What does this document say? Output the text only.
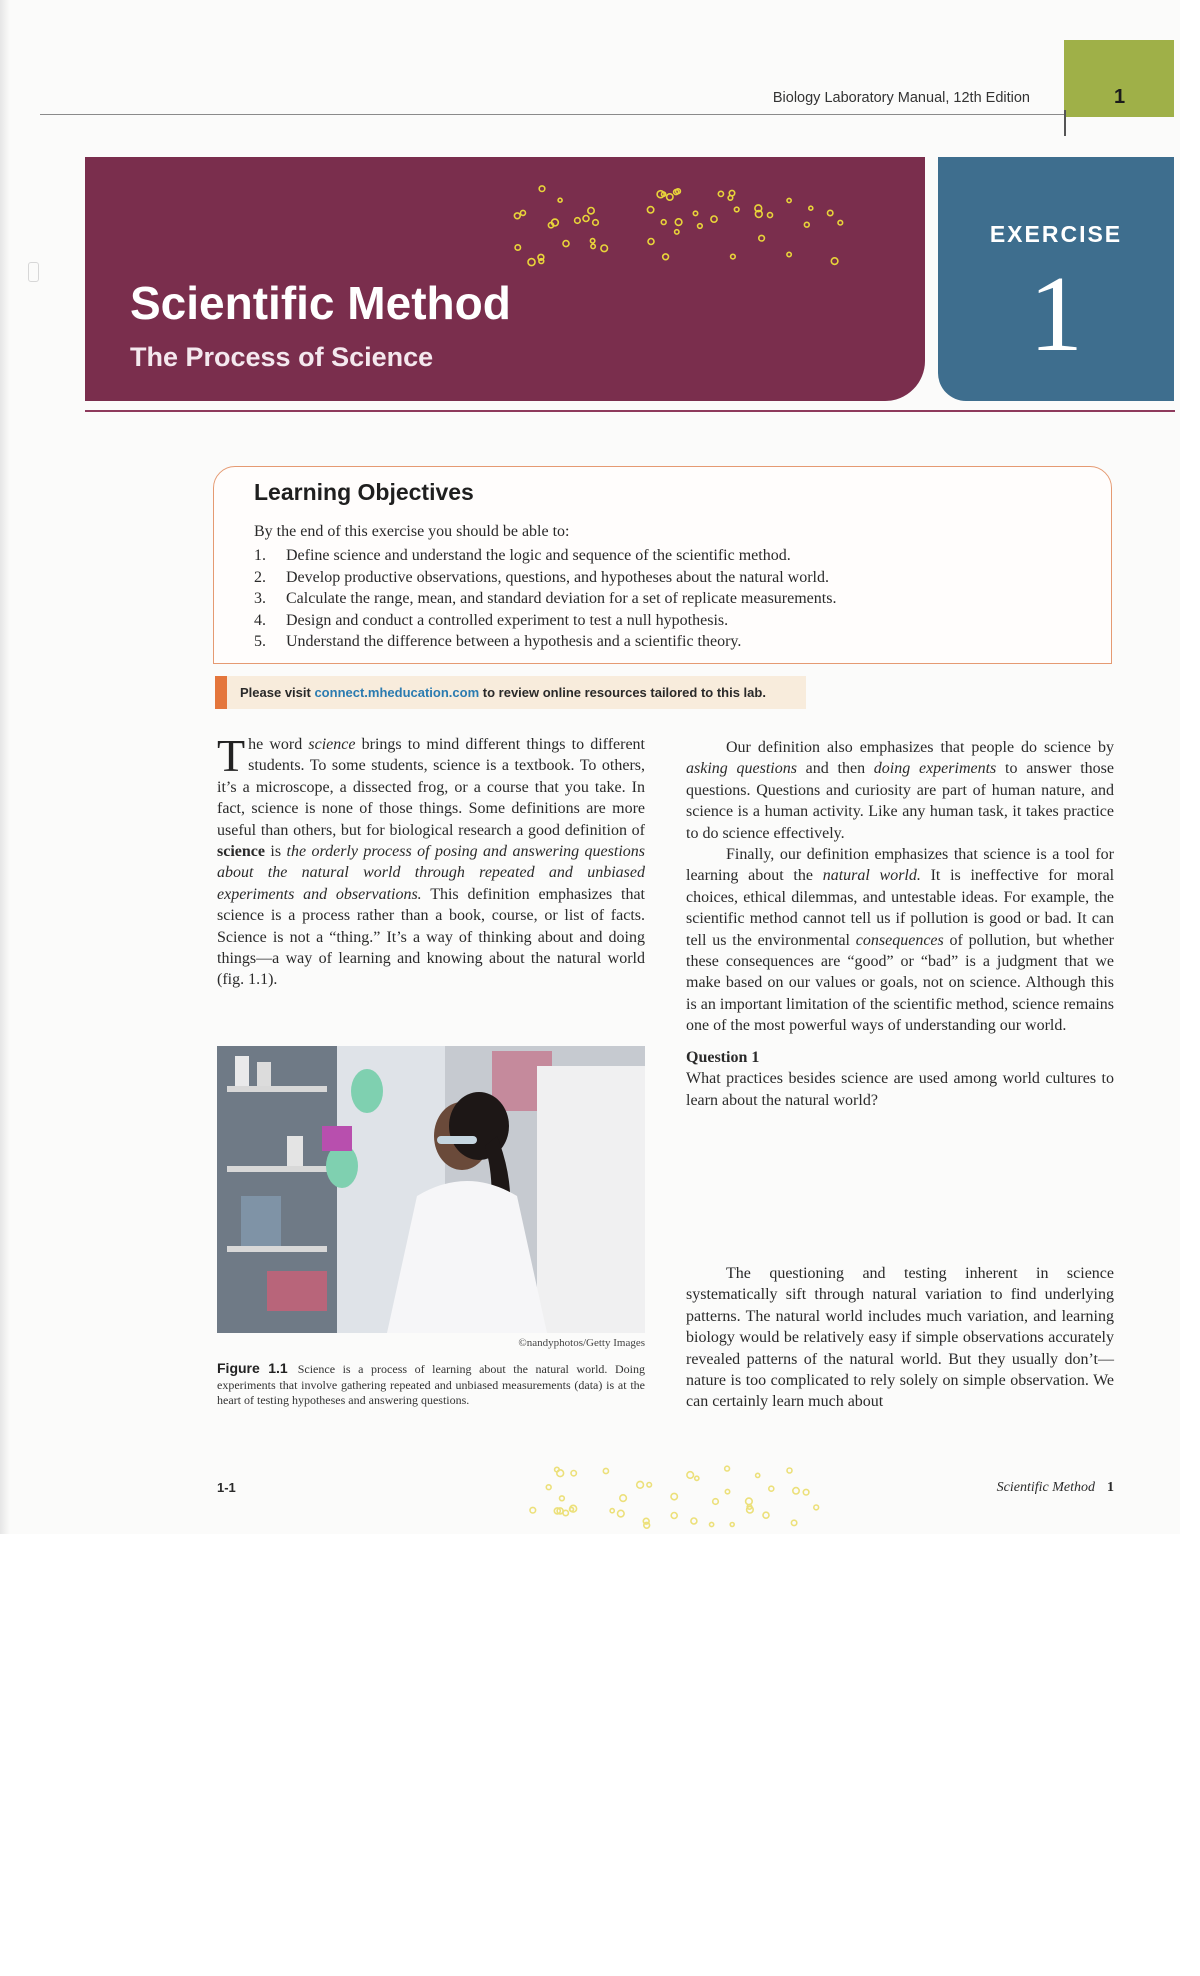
Biology Laboratory Manual, 12th Edition	1
Scientific Method
The Process of Science
EXERCISE
1
Learning Objectives
By the end of this exercise you should be able to:
1. Define science and understand the logic and sequence of the scientific method.
2. Develop productive observations, questions, and hypotheses about the natural world.
3. Calculate the range, mean, and standard deviation for a set of replicate measurements.
4. Design and conduct a controlled experiment to test a null hypothesis.
5. Understand the difference between a hypothesis and a scientific theory.
Please visit connect.mheducation.com to review online resources tailored to this lab.

The word science brings to mind different things to different students. To some students, science is a textbook. To others, it’s a microscope, a dissected frog, or a course that you take. In fact, science is none of those things. Some definitions are more useful than others, but for biological research a good definition of science is the orderly process of posing and answering questions about the natural world through repeated and unbiased experiments and observations. This definition emphasizes that science is a process rather than a book, course, or list of facts. Science is not a “thing.” It’s a way of thinking about and doing things—a way of learning and knowing about the natural world (fig. 1.1).

©nandyphotos/Getty Images
Figure 1.1 Science is a process of learning about the natural world. Doing experiments that involve gathering repeated and unbiased measurements (data) is at the heart of testing hypotheses and answering questions.

Our definition also emphasizes that people do science by asking questions and then doing experiments to answer those questions. Questions and curiosity are part of human nature, and science is a human activity. Like any human task, it takes practice to do science effectively.

Finally, our definition emphasizes that science is a tool for learning about the natural world. It is ineffective for moral choices, ethical dilemmas, and untestable ideas. For example, the scientific method cannot tell us if pollution is good or bad. It can tell us the environmental consequences of pollution, but whether these consequences are “good” or “bad” is a judgment that we make based on our values or goals, not on science. Although this is an important limitation of the scientific method, science remains one of the most powerful ways of understanding our world.

Question 1

What practices besides science are used among world cultures to learn about the natural world?

The questioning and testing inherent in science systematically sift through natural variation to find underlying patterns. The natural world includes much variation, and learning biology would be relatively easy if simple observations accurately revealed patterns of the natural world. But they usually don’t—nature is too complicated to rely solely on simple observation. We can certainly learn much about

1-1	Scientific Method 1
